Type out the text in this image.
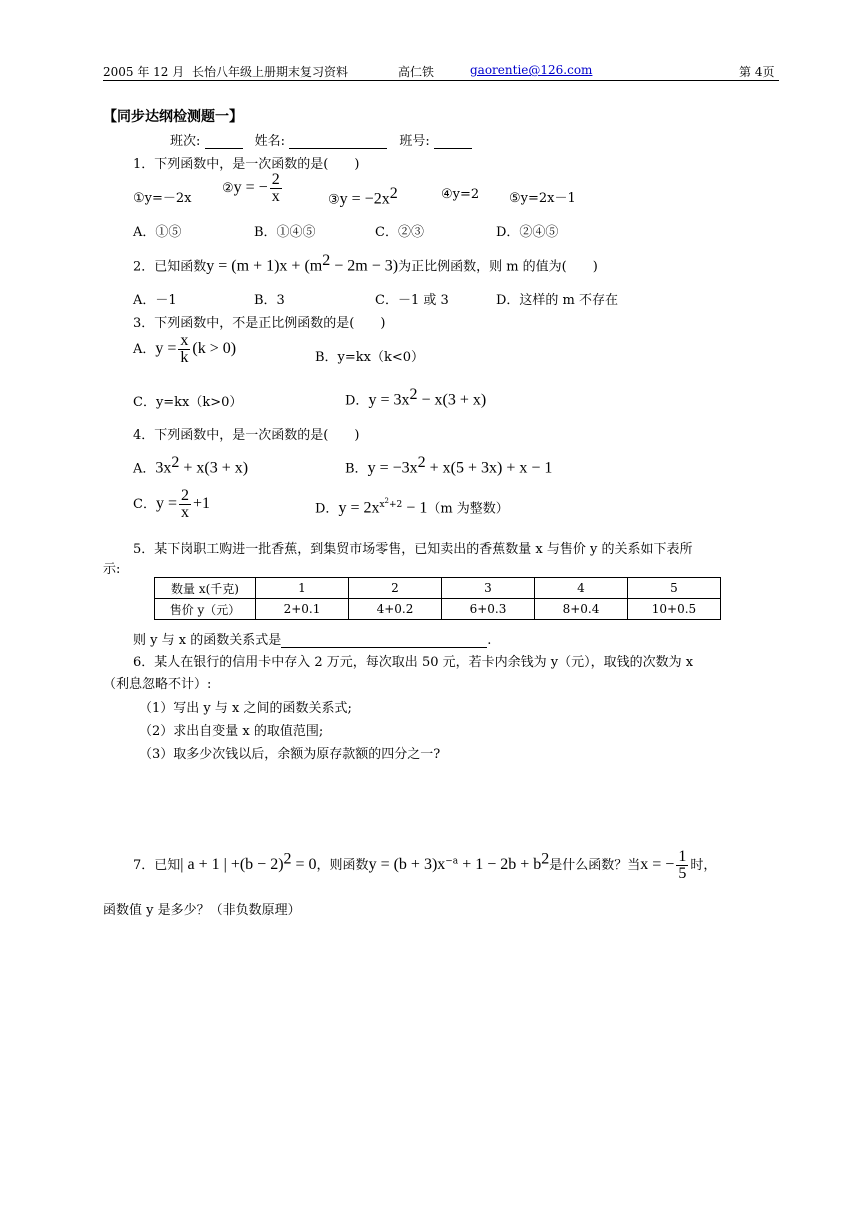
2005 年 12 月 长怡八年级上册期末复习资料	高仁铁	gaorentie@126.com	第 4页
【同步达纲检测题一】
班次:	姓名:	班号:
1．下列函数中，是一次函数的是(　　)
①y=－2x
②y = − $\frac{2}{x}$	③y = $-2x^2$	④y=2 ⑤y=2x－1
A．①⑤	B．①④⑤	C．②③	D．②④⑤
2．已知函数$y = (m + 1)x + (m^2 - 2m - 3)$为正比例函数，则 m 的值为(　　)
A．－1	B．3	C．－1 或 3	D．这样的 m 不存在
3．下列函数中，不是正比例函数的是(　　)
A．$y = \frac{x}{k} (k > 0)$
B．y=kx（k<0）
C．y=kx（k>0）	D．$y = 3x^2 - x(3 + x)$
4．下列函数中，是一次函数的是(　　)
A．$3x^2 + x(3 + x)$	B．$y = -3x^2 + x(5 + 3x) + x - 1$
C．$y = \frac{2}{x} +1$	D．$y = 2x^{x^2+2} - 1(m$ 为整数）
5．某下岗职工购进一批香蕉，到集贸市场零售，已知卖出的香蕉数量 x 与售价 y 的关系如下表所
示:
数量 x(千克)	1	2	3	4	5
售价 y（元）	2+0.1	4+0.2	6+0.3	8+0.4	10+0.5
则 y 与 x 的函数关系式是	.
6．某人在银行的信用卡中存入 2 万元，每次取出 50 元，若卡内余钱为 y（元），取钱的次数为 x
（利息忽略不计）:
（1）写出 y 与 x 之间的函数关系式;
（2）求出自变量 x 的取值范围;
（3）取多少次钱以后，余额为原存款额的四分之一?
7．已知| a + 1 | $+(b - 2)^2 = 0$，则函数$y = (b + 3)x^{-a} + 1 - 2b + b^2$是什么函数？当x = − $\frac{1}{5}$ 时，
函数值 y 是多少？（非负数原理）
